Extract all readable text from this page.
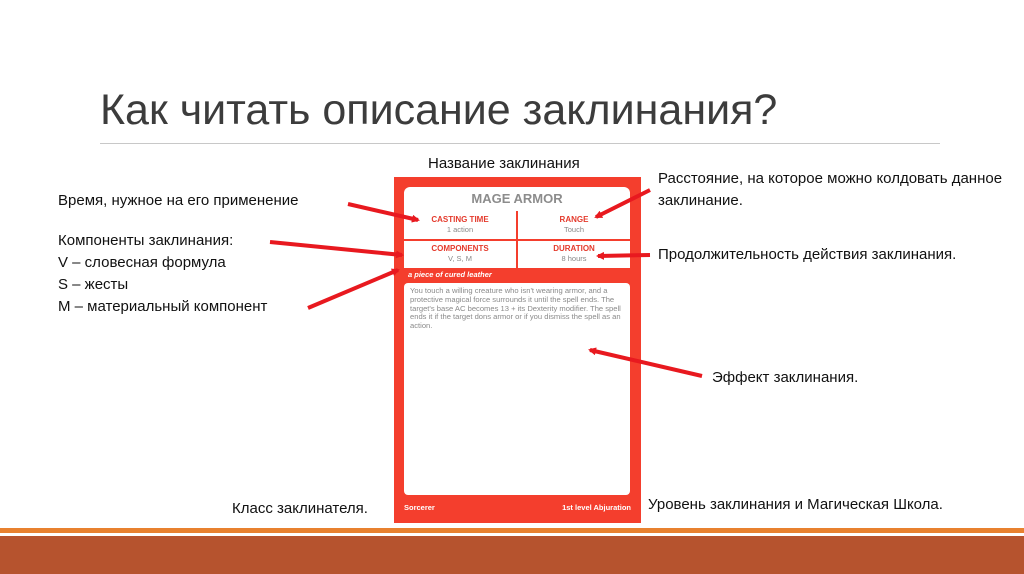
Как читать описание заклинания?
Название заклинания
Время, нужное на его применение
Компоненты заклинания:
V – словесная формула
S – жесты
M – материальный компонент
Расстояние, на которое можно колдовать данное заклинание.
Продолжительность действия заклинания.
Эффект заклинания.
Класс заклинателя.	Уровень заклинания и Магическая Школа.
MAGE ARMOR
CASTING TIME
1 action
RANGE
Touch
COMPONENTS
V, S, M
DURATION
8 hours
a piece of cured leather
You touch a willing creature who isn't wearing armor, and a protective magical force surrounds it until the spell ends. The target's base AC becomes 13 + its Dexterity modifier. The spell ends it if the target dons armor or if you dismiss the spell as an action.
Sorcerer	1st level Abjuration
